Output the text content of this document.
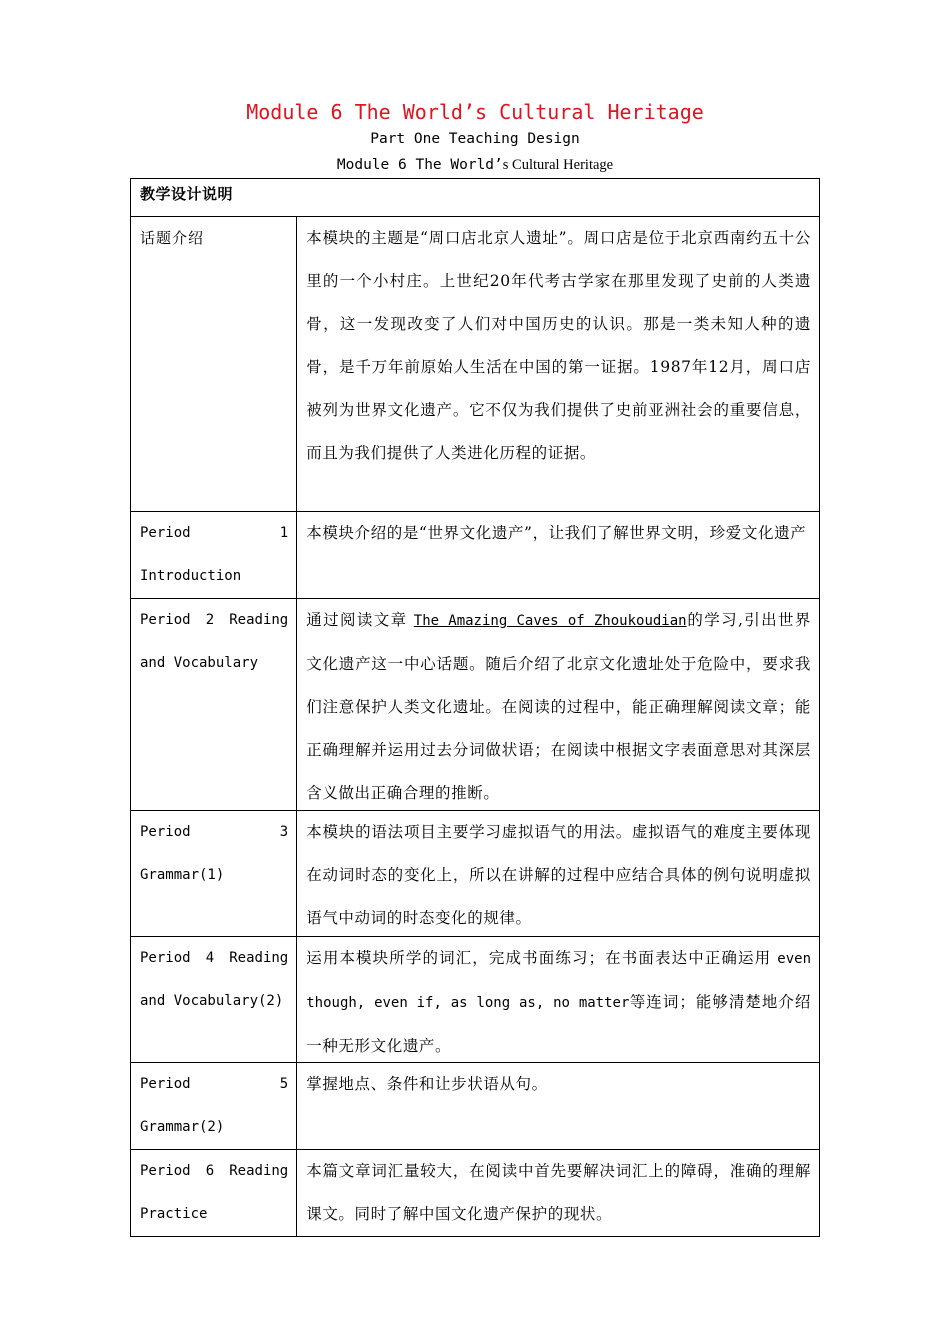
Module 6 The World’s Cultural Heritage
Part One Teaching Design
Module 6 The World’s Cultural Heritage
教学设计说明	

话题介绍	本模块的主题是“周口店北京人遗址”。周口店是位于北京西南约五十公里的一个小村庄。上世纪20年代考古学家在那里发现了史前的人类遗骨，这一发现改变了人们对中国历史的认识。那是一类未知人种的遗骨，是千万年前原始人生活在中国的第一证据。1987年12月，周口店被列为世界文化遗产。它不仅为我们提供了史前亚洲社会的重要信息，而且为我们提供了人类进化历程的证据。

Period 1 Introduction	本模块介绍的是“世界文化遗产”，让我们了解世界文明，珍爱文化遗产

Period 2 Reading and Vocabulary	通过阅读文章 The Amazing Caves of Zhoukoudian的学习,引出世界文化遗产这一中心话题。随后介绍了北京文化遗址处于危险中，要求我们注意保护人类文化遗址。在阅读的过程中，能正确理解阅读文章；能正确理解并运用过去分词做状语；在阅读中根据文字表面意思对其深层含义做出正确合理的推断。

Period 3 Grammar(1)	本模块的语法项目主要学习虚拟语气的用法。虚拟语气的难度主要体现在动词时态的变化上，所以在讲解的过程中应结合具体的例句说明虚拟语气中动词的时态变化的规律。

Period 4 Reading and Vocabulary(2)	运用本模块所学的词汇，完成书面练习；在书面表达中正确运用 even though, even if, as long as, no matter等连词；能够清楚地介绍一种无形文化遗产。

Period 5 Grammar(2)	掌握地点、条件和让步状语从句。

Period 6 Reading Practice	本篇文章词汇量较大，在阅读中首先要解决词汇上的障碍，准确的理解课文。同时了解中国文化遗产保护的现状。
